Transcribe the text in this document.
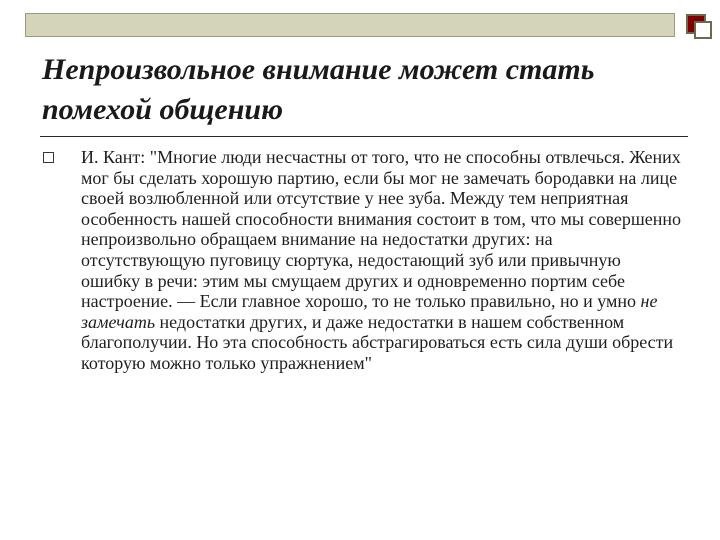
Непроизвольное внимание может стать помехой общению

И. Кант: "Многие люди несчастны от того, что не способны отвлечься. Жених мог бы сделать хорошую партию, если бы мог не замечать бородавки на лице своей возлюбленной или отсутствие у нее зуба. Между тем неприятная особенность нашей способности внимания состоит в том, что мы совершенно непроизвольно обращаем внимание на недостатки других: на отсутствующую пуговицу сюртука, недостающий зуб или привычную ошибку в речи: этим мы смущаем других и одновременно портим себе настроение. — Если главное хорошо, то не только правильно, но и умно не замечать недостатки других, и даже недостатки в нашем собственном благополучии. Но эта способность абстрагироваться есть сила души обрести которую можно только упражнением"
